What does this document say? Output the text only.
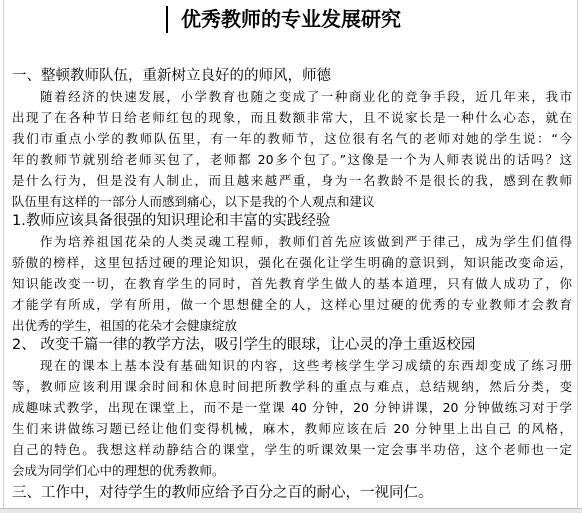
优秀教师的专业发展研究
一、整顿教师队伍，重新树立良好的的师风，师德
随着经济的快速发展，小学教育也随之变成了一种商业化的竞争手段，近几年来，我市
出现了在各种节日给老师红包的现象，而且数额非常大，且不说家长是一种什么心态，就在
我们市重点小学的教师队伍里，有一年的教师节，这位很有名气的老师对她的学生说：“今
年的教师节就别给老师买包了，老师都 20多个包了。”这像是一个为人师表说出的话吗？这
是什么行为，但是没有人制止，而且越来越严重，身为一名教龄不是很长的我，感到在教师
队伍里有这样的一部分人而感到痛心，以下是我的个人观点和建议
1.教师应该具备很强的知识理论和丰富的实践经验
作为培养祖国花朵的人类灵魂工程师，教师们首先应该做到严于律己，成为学生们值得
骄傲的榜样，这里包括过硬的理论知识，强化在强化让学生明确的意识到，知识能改变命运，
知识能改变一切，在教育学生的同时，首先教育学生做人的基本道理，只有做人成功了，你
才能学有所成，学有所用，做一个思想健全的人，这样心里过硬的优秀的专业教师才会教育
出优秀的学生，祖国的花朵才会健康绽放
2、 改变千篇一律的教学方法，吸引学生的眼球，让心灵的净土重返校园
现在的课本上基本没有基础知识的内容，这些考核学生学习成绩的东西却变成了练习册
等，教师应该利用课余时间和休息时间把所教学科的重点与难点，总结规纳，然后分类，变
成趣味式教学，出现在课堂上，而不是一堂课 40 分钟，20 分钟讲课，20 分钟做练习对于学
生们来讲做练习题已经让他们变得机械，麻木，教师应该在后 20 分钟里上出自己 的风格，
自己的特色。我想这样动静结合的课堂，学生的听课效果一定会事半功倍，这个老师也一定
会成为同学们心中的理想的优秀教师。
三、工作中，对待学生的教师应给予百分之百的耐心，一视同仁。
